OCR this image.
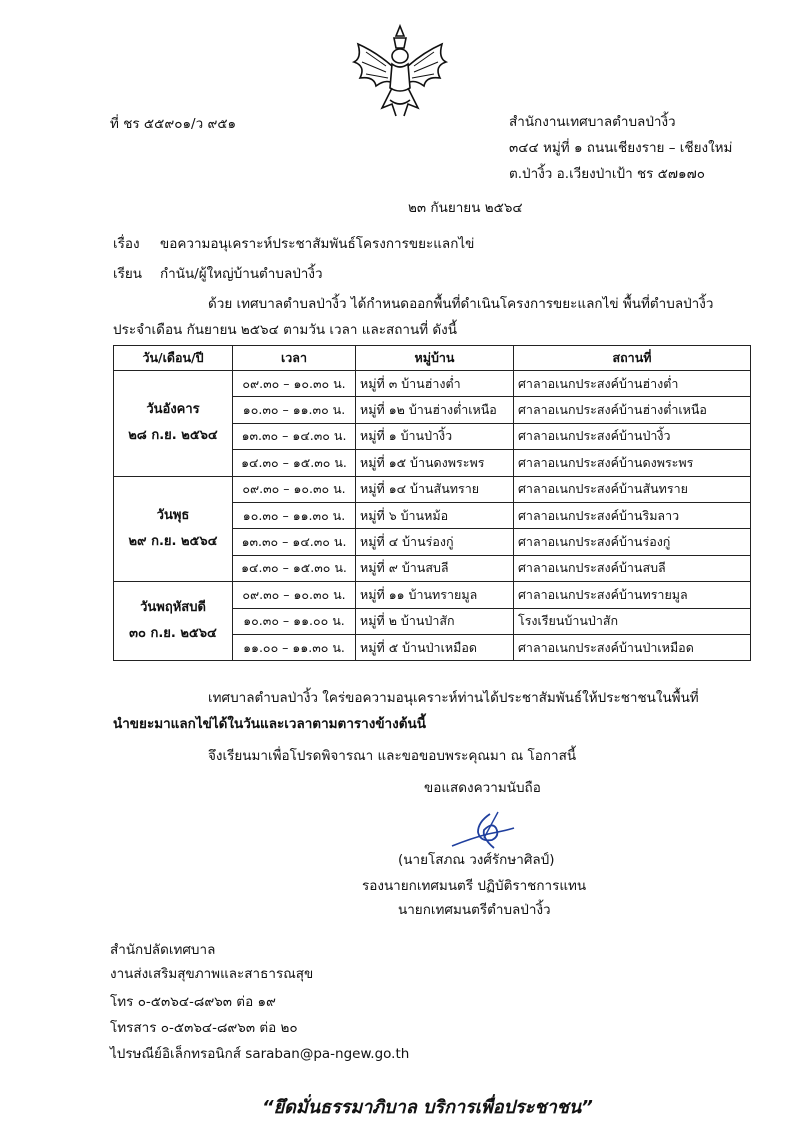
ที่ ชร ๕๕๙๐๑/ว ๙๕๑	สำนักงานเทศบาลตำบลป่างิ้ว
๓๔๔ หมู่ที่ ๑ ถนนเชียงราย – เชียงใหม่
ต.ป่างิ้ว อ.เวียงป่าเป้า ชร ๕๗๑๗๐
๒๓ กันยายน ๒๕๖๔
เรื่อง ขอความอนุเคราะห์ประชาสัมพันธ์โครงการขยะแลกไข่
เรียน กำนัน/ผู้ใหญ่บ้านตำบลป่างิ้ว
ด้วย เทศบาลตำบลป่างิ้ว ได้กำหนดออกพื้นที่ดำเนินโครงการขยะแลกไข่ พื้นที่ตำบลป่างิ้ว
ประจำเดือน กันยายน ๒๕๖๔ ตามวัน เวลา และสถานที่ ดังนี้
วัน/เดือน/ปี	เวลา	หมู่บ้าน	สถานที่

วันอังคาร
๒๘ ก.ย. ๒๕๖๔	๐๙.๓๐ – ๑๐.๓๐ น.	หมู่ที่ ๓ บ้านฮ่างต่ำ	ศาลาอเนกประสงค์บ้านฮ่างต่ำ
	๑๐.๓๐ – ๑๑.๓๐ น.	หมู่ที่ ๑๒ บ้านฮ่างต่ำเหนือ	ศาลาอเนกประสงค์บ้านฮ่างต่ำเหนือ
	๑๓.๓๐ – ๑๔.๓๐ น.	หมู่ที่ ๑ บ้านป่างิ้ว	ศาลาอเนกประสงค์บ้านป่างิ้ว
	๑๔.๓๐ – ๑๕.๓๐ น.	หมู่ที่ ๑๕ บ้านดงพระพร	ศาลาอเนกประสงค์บ้านดงพระพร

วันพุธ
๒๙ ก.ย. ๒๕๖๔	๐๙.๓๐ – ๑๐.๓๐ น.	หมู่ที่ ๑๔ บ้านสันทราย	ศาลาอเนกประสงค์บ้านสันทราย
	๑๐.๓๐ – ๑๑.๓๐ น.	หมู่ที่ ๖ บ้านหม้อ	ศาลาอเนกประสงค์บ้านริมลาว
	๑๓.๓๐ – ๑๔.๓๐ น.	หมู่ที่ ๔ บ้านร่องกู่	ศาลาอเนกประสงค์บ้านร่องกู่
	๑๔.๓๐ – ๑๕.๓๐ น.	หมู่ที่ ๙ บ้านสบลี	ศาลาอเนกประสงค์บ้านสบลี

วันพฤหัสบดี
๓๐ ก.ย. ๒๕๖๔	๐๙.๓๐ – ๑๐.๓๐ น.	หมู่ที่ ๑๑ บ้านทรายมูล	ศาลาอเนกประสงค์บ้านทรายมูล
	๑๐.๓๐ – ๑๑.๐๐ น.	หมู่ที่ ๒ บ้านป่าสัก	โรงเรียนบ้านป่าสัก
	๑๑.๐๐ – ๑๑.๓๐ น.	หมู่ที่ ๕ บ้านป่าเหมือด	ศาลาอเนกประสงค์บ้านป่าเหมือด
เทศบาลตำบลป่างิ้ว ใคร่ขอความอนุเคราะห์ท่านได้ประชาสัมพันธ์ให้ประชาชนในพื้นที่
นำขยะมาแลกไข่ได้ในวันและเวลาตามตารางข้างต้นนี้
จึงเรียนมาเพื่อโปรดพิจารณา และขอขอบพระคุณมา ณ โอกาสนี้
ขอแสดงความนับถือ
(นายโสภณ วงศ์รักษาศิลป์)
รองนายกเทศมนตรี ปฏิบัติราชการแทน
นายกเทศมนตรีตำบลป่างิ้ว
สำนักปลัดเทศบาล
งานส่งเสริมสุขภาพและสาธารณสุข
โทร ๐-๕๓๖๔-๘๙๖๓ ต่อ ๑๙
โทรสาร ๐-๕๓๖๔-๘๙๖๓ ต่อ ๒๐
ไปรษณีย์อิเล็กทรอนิกส์ saraban@pa-ngew.go.th
“ยึดมั่นธรรมาภิบาล บริการเพื่อประชาชน”
